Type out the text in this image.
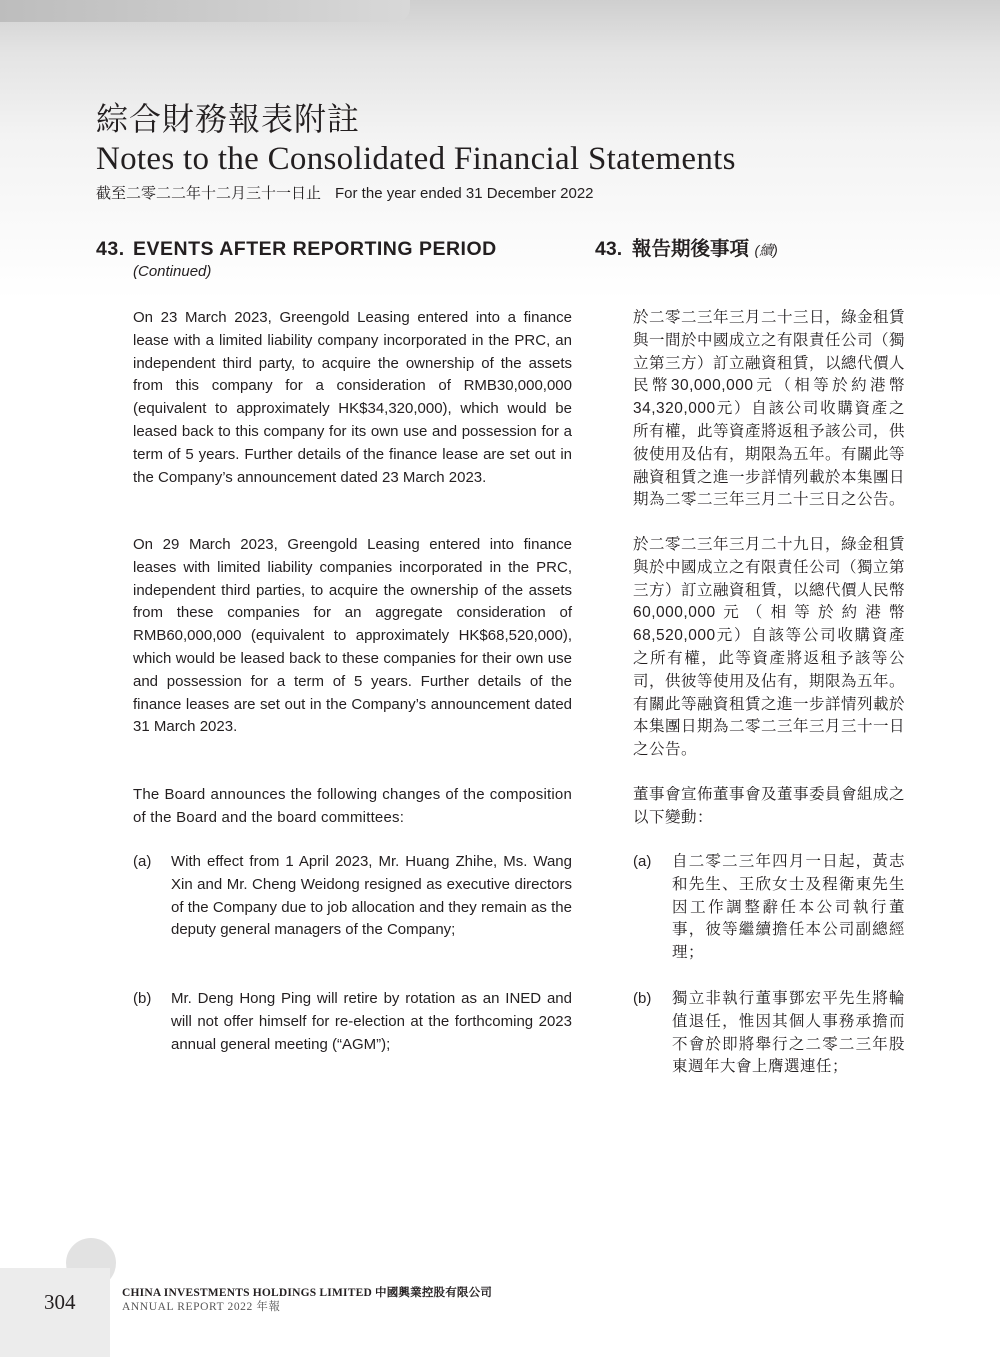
綜合財務報表附註
Notes to the Consolidated Financial Statements
截至二零二二年十二月三十一日止 For the year ended 31 December 2022
43. EVENTS AFTER REPORTING PERIOD
(Continued)

On 23 March 2023, Greengold Leasing entered into a finance lease with a limited liability company incorporated in the PRC, an independent third party, to acquire the ownership of the assets from this company for a consideration of RMB30,000,000 (equivalent to approximately HK$34,320,000), which would be leased back to this company for its own use and possession for a term of 5 years. Further details of the finance lease are set out in the Company’s announcement dated 23 March 2023.

On 29 March 2023, Greengold Leasing entered into finance leases with limited liability companies incorporated in the PRC, independent third parties, to acquire the ownership of the assets from these companies for an aggregate consideration of RMB60,000,000 (equivalent to approximately HK$68,520,000), which would be leased back to these companies for their own use and possession for a term of 5 years. Further details of the finance leases are set out in the Company’s announcement dated 31 March 2023.

The Board announces the following changes of the composition of the Board and the board committees:

(a) With effect from 1 April 2023, Mr. Huang Zhihe, Ms. Wang Xin and Mr. Cheng Weidong resigned as executive directors of the Company due to job allocation and they remain as the deputy general managers of the Company;
(b) Mr. Deng Hong Ping will retire by rotation as an INED and will not offer himself for re-election at the forthcoming 2023 annual general meeting (“AGM”);
43. 報告期後事項 (續)

於二零二三年三月二十三日，綠金租賃與一間於中國成立之有限責任公司（獨立第三方）訂立融資租賃，以總代價人民幣30,000,000元（相等於約港幣34,320,000元）自該公司收購資產之所有權，此等資產將返租予該公司，供彼使用及佔有，期限為五年。有關此等融資租賃之進一步詳情列載於本集團日期為二零二三年三月二十三日之公告。

於二零二三年三月二十九日，綠金租賃與於中國成立之有限責任公司（獨立第三方）訂立融資租賃，以總代價人民幣60,000,000元（相等於約港幣68,520,000元）自該等公司收購資產之所有權，此等資產將返租予該等公司，供彼等使用及佔有，期限為五年。有關此等融資租賃之進一步詳情列載於本集團日期為二零二三年三月三十一日之公告。

董事會宣佈董事會及董事委員會組成之以下變動：

(a) 自二零二三年四月一日起，黃志和先生、王欣女士及程衛東先生因工作調整辭任本公司執行董事，彼等繼續擔任本公司副總經理；
(b) 獨立非執行董事鄧宏平先生將輪值退任，惟因其個人事務承擔而不會於即將舉行之二零二三年股東週年大會上膺選連任；
304	CHINA INVESTMENTS HOLDINGS LIMITED 中國興業控股有限公司
ANNUAL REPORT 2022 年報
